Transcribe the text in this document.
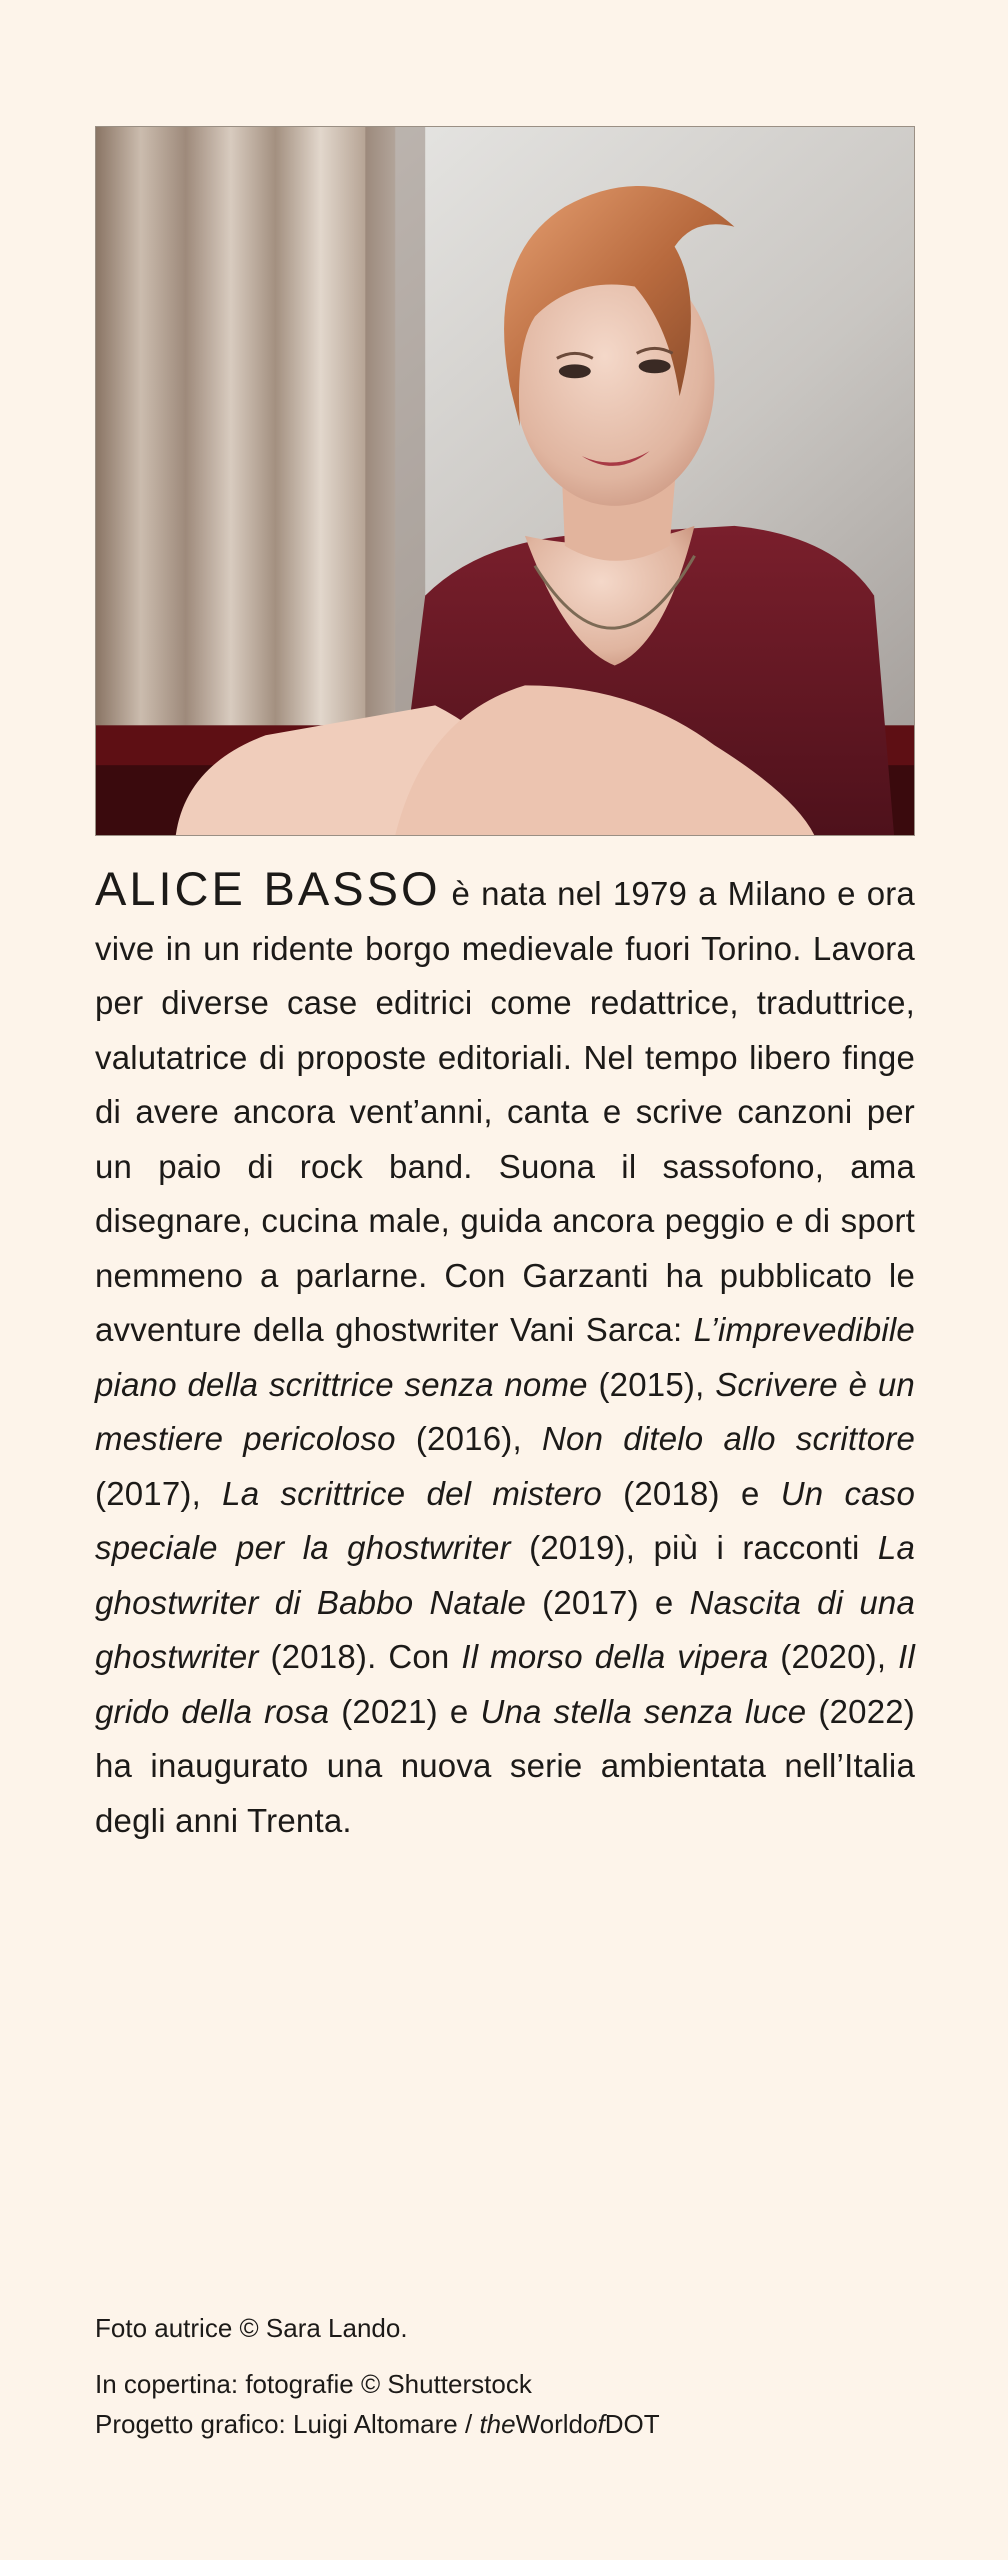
ALICE BASSO è nata nel 1979 a Milano e ora vive in un ridente borgo medievale fuori Torino. Lavora per diverse case editrici come redattrice, traduttrice, valutatrice di proposte editoriali. Nel tempo libero finge di avere ancora vent’anni, canta e scrive canzoni per un paio di rock band. Suona il sassofono, ama disegnare, cucina male, guida ancora peggio e di sport nemmeno a parlarne. Con Garzanti ha pubblicato le avventure della ghostwriter Vani Sarca: L’imprevedibile piano della scrittrice senza nome (2015), Scrivere è un mestiere pericoloso (2016), Non ditelo allo scrittore (2017), La scrittrice del mistero (2018) e Un caso speciale per la ghostwriter (2019), più i racconti La ghostwriter di Babbo Natale (2017) e Nascita di una ghostwriter (2018). Con Il morso della vipera (2020), Il grido della rosa (2021) e Una stella senza luce (2022) ha inaugurato una nuova serie ambientata nell’Italia degli anni Trenta.
Foto autrice © Sara Lando.
In copertina: fotografie © Shutterstock
Progetto grafico: Luigi Altomare / theWorldofDOT
